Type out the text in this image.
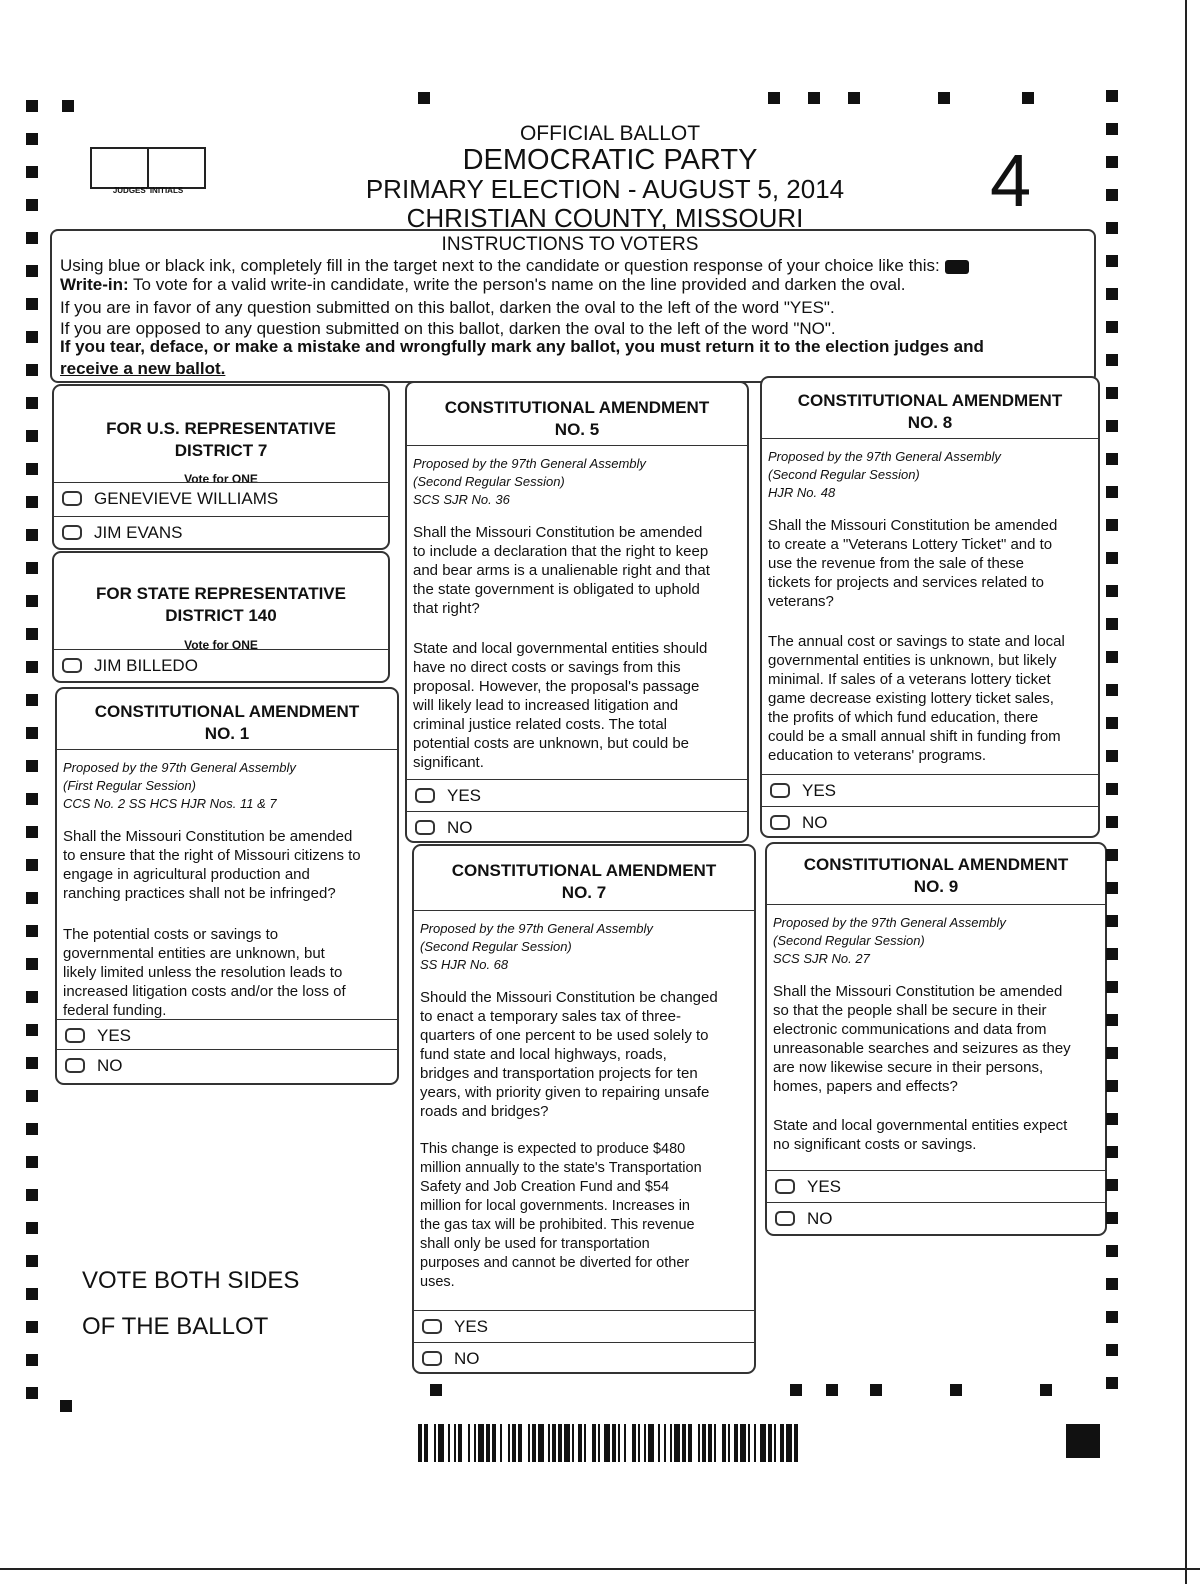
JUDGES' INITIALS
OFFICIAL BALLOT
DEMOCRATIC PARTY
PRIMARY ELECTION - AUGUST 5, 2014
CHRISTIAN COUNTY, MISSOURI	4
INSTRUCTIONS TO VOTERS
Using blue or black ink, completely fill in the target next to the candidate or question response of your choice like this:
Write-in: To vote for a valid write-in candidate, write the person's name on the line provided and darken the oval.
If you are in favor of any question submitted on this ballot, darken the oval to the left of the word "YES".
If you are opposed to any question submitted on this ballot, darken the oval to the left of the word "NO".
If you tear, deface, or make a mistake and wrongfully mark any ballot, you must return it to the election judges and
receive a new ballot.
FOR U.S. REPRESENTATIVE
DISTRICT 7
Vote for ONE
GENEVIEVE WILLIAMS
JIM EVANS
FOR STATE REPRESENTATIVE
DISTRICT 140
Vote for ONE
JIM BILLEDO
CONSTITUTIONAL AMENDMENT
NO. 1
Proposed by the 97th General Assembly
(First Regular Session)
CCS No. 2 SS HCS HJR Nos. 11 & 7
Shall the Missouri Constitution be amended
to ensure that the right of Missouri citizens to
engage in agricultural production and
ranching practices shall not be infringed?
The potential costs or savings to
governmental entities are unknown, but
likely limited unless the resolution leads to
increased litigation costs and/or the loss of
federal funding.
YES
NO
CONSTITUTIONAL AMENDMENT
NO. 5
Proposed by the 97th General Assembly
(Second Regular Session)
SCS SJR No. 36
Shall the Missouri Constitution be amended
to include a declaration that the right to keep
and bear arms is a unalienable right and that
the state government is obligated to uphold
that right?
State and local governmental entities should
have no direct costs or savings from this
proposal. However, the proposal's passage
will likely lead to increased litigation and
criminal justice related costs. The total
potential costs are unknown, but could be
significant.
YES
NO
CONSTITUTIONAL AMENDMENT
NO. 7
Proposed by the 97th General Assembly
(Second Regular Session)
SS HJR No. 68
Should the Missouri Constitution be changed
to enact a temporary sales tax of three-
quarters of one percent to be used solely to
fund state and local highways, roads,
bridges and transportation projects for ten
years, with priority given to repairing unsafe
roads and bridges?
This change is expected to produce $480
million annually to the state's Transportation
Safety and Job Creation Fund and $54
million for local governments. Increases in
the gas tax will be prohibited. This revenue
shall only be used for transportation
purposes and cannot be diverted for other
uses.
YES
NO
CONSTITUTIONAL AMENDMENT
NO. 8
Proposed by the 97th General Assembly
(Second Regular Session)
HJR No. 48
Shall the Missouri Constitution be amended
to create a "Veterans Lottery Ticket" and to
use the revenue from the sale of these
tickets for projects and services related to
veterans?
The annual cost or savings to state and local
governmental entities is unknown, but likely
minimal. If sales of a veterans lottery ticket
game decrease existing lottery ticket sales,
the profits of which fund education, there
could be a small annual shift in funding from
education to veterans' programs.
YES
NO
CONSTITUTIONAL AMENDMENT
NO. 9
Proposed by the 97th General Assembly
(Second Regular Session)
SCS SJR No. 27
Shall the Missouri Constitution be amended
so that the people shall be secure in their
electronic communications and data from
unreasonable searches and seizures as they
are now likewise secure in their persons,
homes, papers and effects?
State and local governmental entities expect
no significant costs or savings.
YES
NO
VOTE BOTH SIDES
OF THE BALLOT
